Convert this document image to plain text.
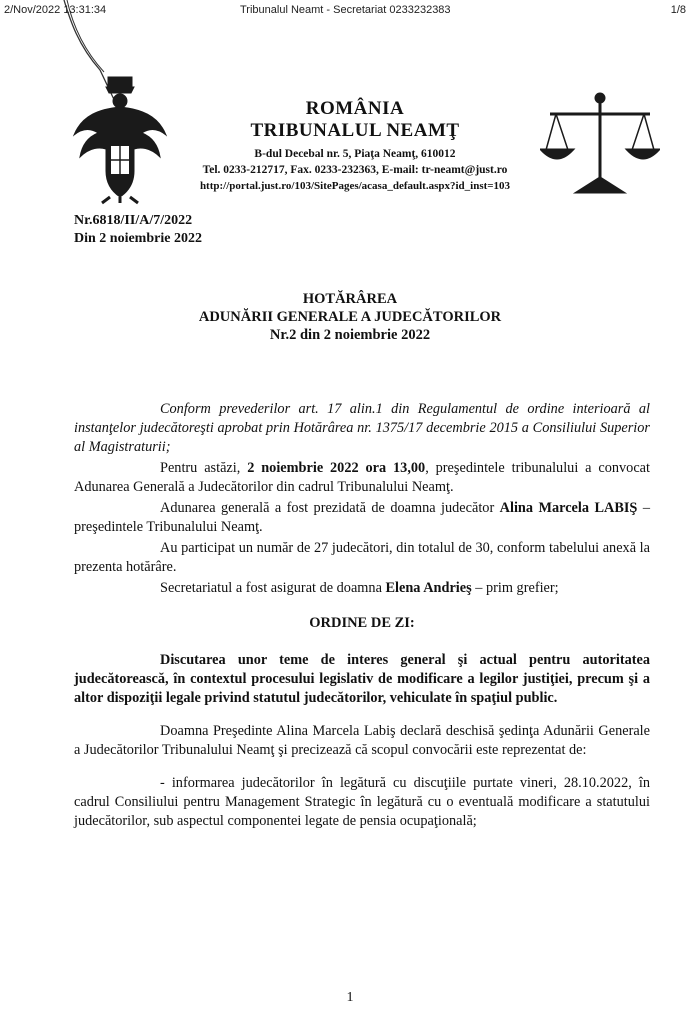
2/Nov/2022 13:31:34	Tribunalul Neamt - Secretariat 0233232383	1/8
ROMÂNIA
TRIBUNALUL NEAMŢ
B-dul Decebal nr. 5, Piaţa Neamţ, 610012
Tel. 0233-212717, Fax. 0233-232363, E-mail: tr-neamt@just.ro
http://portal.just.ro/103/SitePages/acasa_default.aspx?id_inst=103
Nr.6818/II/A/7/2022
Din 2 noiembrie 2022
HOTĂRÂREA
ADUNĂRII GENERALE A JUDECĂTORILOR
Nr.2 din 2 noiembrie 2022

Conform prevederilor art. 17 alin.1 din Regulamentul de ordine interioară al instanţelor judecătoreşti aprobat prin Hotărârea nr. 1375/17 decembrie 2015 a Consiliului Superior al Magistraturii;

Pentru astăzi, 2 noiembrie 2022 ora 13,00, preşedintele tribunalului a convocat Adunarea Generală a Judecătorilor din cadrul Tribunalului Neamţ.

Adunarea generală a fost prezidată de doamna judecător Alina Marcela LABIŞ – preşedintele Tribunalului Neamţ.

Au participat un număr de 27 judecători, din totalul de 30, conform tabelului anexă la prezenta hotărâre.

Secretariatul a fost asigurat de doamna Elena Andrieş – prim grefier;

ORDINE DE ZI:

Discutarea unor teme de interes general şi actual pentru autoritatea judecătorească, în contextul procesului legislativ de modificare a legilor justiţiei, precum şi a altor dispoziţii legale privind statutul judecătorilor, vehiculate în spaţiul public.

Doamna Preşedinte Alina Marcela Labiş declară deschisă şedinţa Adunării Generale a Judecătorilor Tribunalului Neamţ şi precizează că scopul convocării este reprezentat de:

- informarea judecătorilor în legătură cu discuţiile purtate vineri, 28.10.2022, în cadrul Consiliului pentru Management Strategic în legătură cu o eventuală modificare a statutului judecătorilor, sub aspectul componentei legate de pensia ocupaţională;

1
